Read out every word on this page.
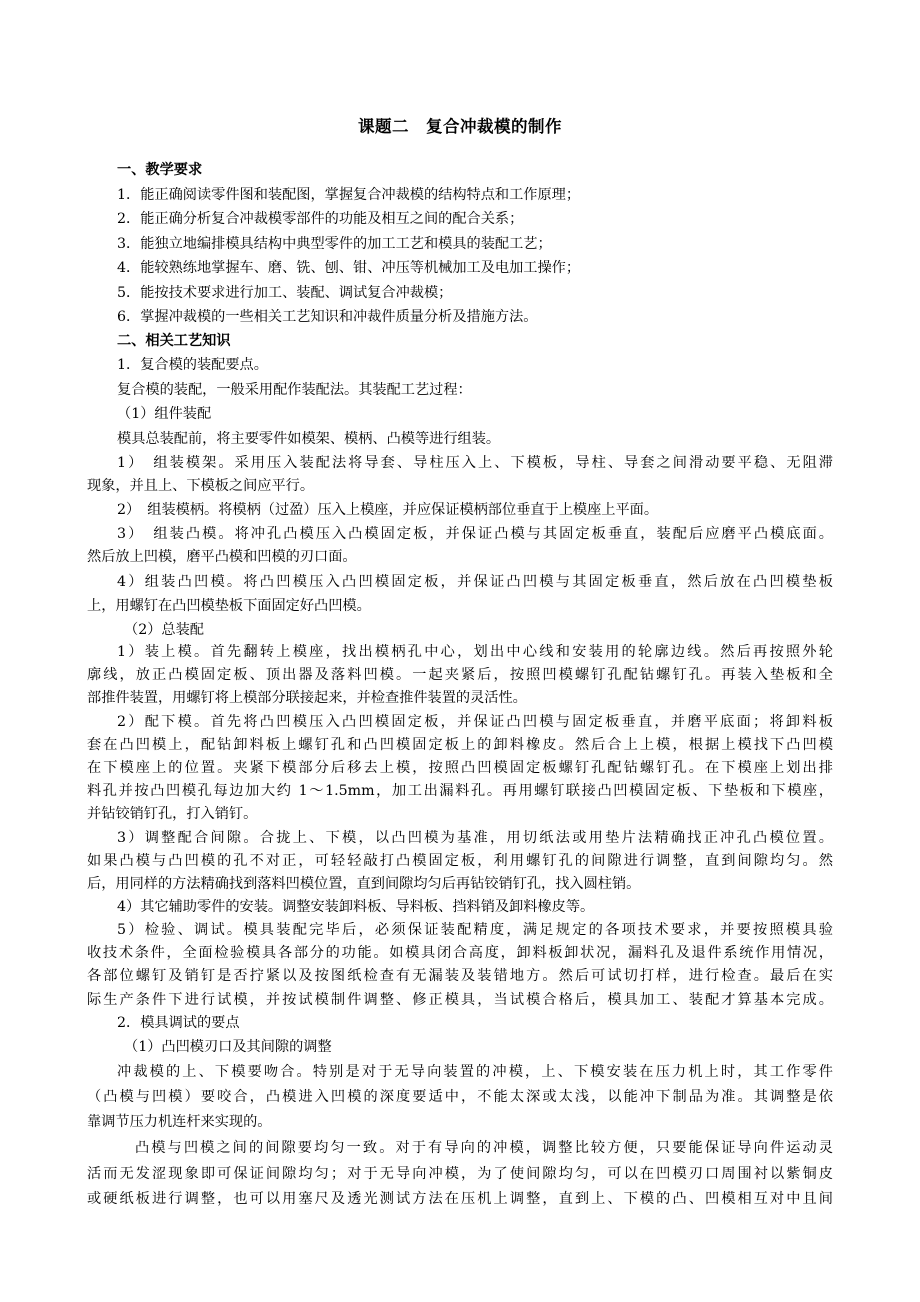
课题二　复合冲裁模的制作
一、教学要求
1．能正确阅读零件图和装配图，掌握复合冲裁模的结构特点和工作原理；
2．能正确分析复合冲裁模零部件的功能及相互之间的配合关系；
3．能独立地编排模具结构中典型零件的加工工艺和模具的装配工艺；
4．能较熟练地掌握车、磨、铣、刨、钳、冲压等机械加工及电加工操作；
5．能按技术要求进行加工、装配、调试复合冲裁模；
6．掌握冲裁模的一些相关工艺知识和冲裁件质量分析及措施方法。
二、相关工艺知识
1．复合模的装配要点。
复合模的装配，一般采用配作装配法。其装配工艺过程：
（1）组件装配
模具总装配前，将主要零件如模架、模柄、凸模等进行组装。
1）　组装模架。采用压入装配法将导套、导柱压入上、下模板，导柱、导套之间滑动要平稳、无阻滞
现象，并且上、下模板之间应平行。
2）　组装模柄。将模柄（过盈）压入上模座，并应保证模柄部位垂直于上模座上平面。
3）　组装凸模。将冲孔凸模压入凸模固定板，并保证凸模与其固定板垂直，装配后应磨平凸模底面。
然后放上凹模，磨平凸模和凹模的刃口面。
4）组装凸凹模。将凸凹模压入凸凹模固定板，并保证凸凹模与其固定板垂直，然后放在凸凹模垫板
上，用螺钉在凸凹模垫板下面固定好凸凹模。
（2）总装配
1）装上模。首先翻转上模座，找出模柄孔中心，划出中心线和安装用的轮廓边线。然后再按照外轮
廓线，放正凸模固定板、顶出器及落料凹模。一起夹紧后，按照凹模螺钉孔配钻螺钉孔。再装入垫板和全
部推件装置，用螺钉将上模部分联接起来，并检查推件装置的灵活性。
2）配下模。首先将凸凹模压入凸凹模固定板，并保证凸凹模与固定板垂直，并磨平底面；将卸料板
套在凸凹模上，配钻卸料板上螺钉孔和凸凹模固定板上的卸料橡皮。然后合上上模，根据上模找下凸凹模
在下模座上的位置。夹紧下模部分后移去上模，按照凸凹模固定板螺钉孔配钻螺钉孔。在下模座上划出排
料孔并按凸凹模孔每边加大约 1～1.5mm，加工出漏料孔。再用螺钉联接凸凹模固定板、下垫板和下模座，
并钻铰销钉孔，打入销钉。
3）调整配合间隙。合拢上、下模，以凸凹模为基准，用切纸法或用垫片法精确找正冲孔凸模位置。
如果凸模与凸凹模的孔不对正，可轻轻敲打凸模固定板，利用螺钉孔的间隙进行调整，直到间隙均匀。然
后，用同样的方法精确找到落料凹模位置，直到间隙均匀后再钻铰销钉孔，找入圆柱销。
4）其它辅助零件的安装。调整安装卸料板、导料板、挡料销及卸料橡皮等。
5）检验、调试。模具装配完毕后，必须保证装配精度，满足规定的各项技术要求，并要按照模具验
收技术条件，全面检验模具各部分的功能。如模具闭合高度，卸料板卸状况，漏料孔及退件系统作用情况，
各部位螺钉及销钉是否拧紧以及按图纸检查有无漏装及装错地方。然后可试切打样，进行检查。最后在实
际生产条件下进行试模，并按试模制件调整、修正模具，当试模合格后，模具加工、装配才算基本完成。
2．模具调试的要点
（1）凸凹模刃口及其间隙的调整
冲裁模的上、下模要吻合。特别是对于无导向装置的冲模，上、下模安装在压力机上时，其工作零件
（凸模与凹模）要咬合，凸模进入凹模的深度要适中，不能太深或太浅，以能冲下制品为准。其调整是依
靠调节压力机连杆来实现的。
凸模与凹模之间的间隙要均匀一致。对于有导向的冲模，调整比较方便，只要能保证导向件运动灵
活而无发涩现象即可保证间隙均匀；对于无导向冲模，为了使间隙均匀，可以在凹模刃口周围衬以紫铜皮
或硬纸板进行调整，也可以用塞尺及透光测试方法在压机上调整，直到上、下模的凸、凹模相互对中且间
